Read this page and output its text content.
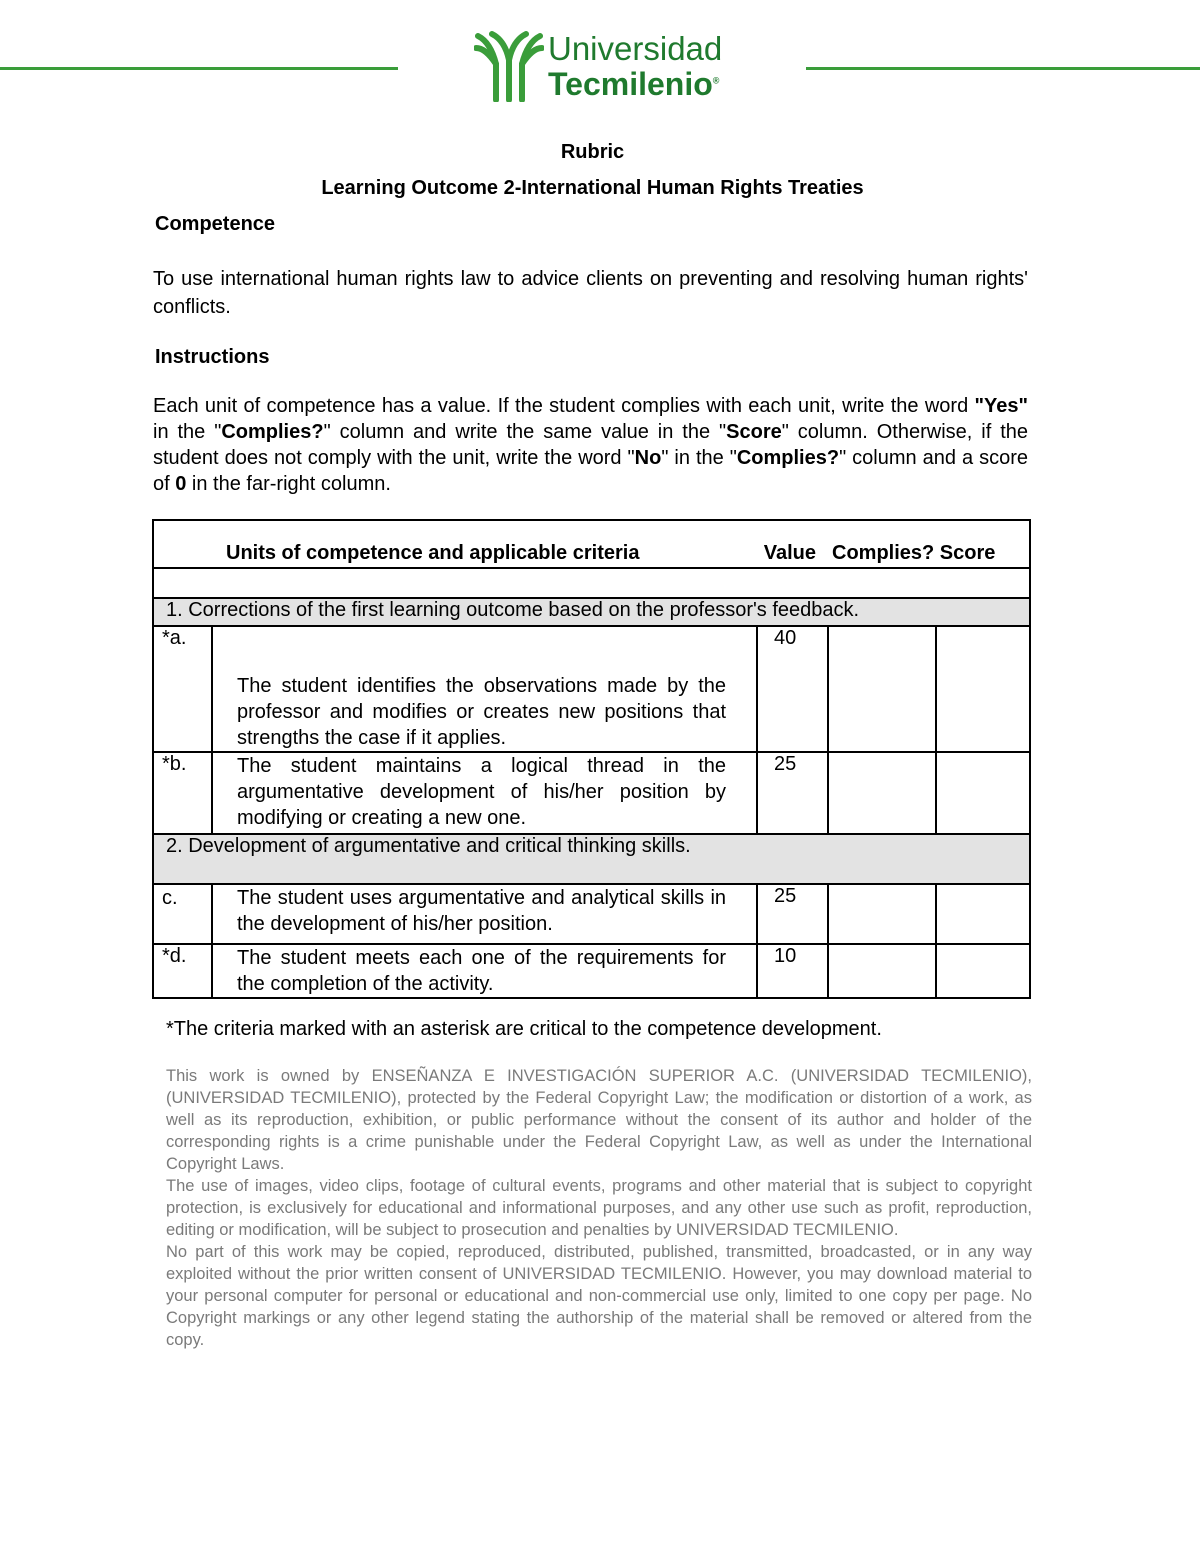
Universidad
Tecmilenio®
Rubric
Learning Outcome 2-International Human Rights Treaties
Competence
To use international human rights law to advice clients on preventing and resolving human rights' conflicts.
Instructions
Each unit of competence has a value. If the student complies with each unit, write the word "Yes" in the "Complies?" column and write the same value in the "Score" column. Otherwise, if the student does not comply with the unit, write the word "No" in the "Complies?" column and a score of 0 in the far-right column.
Units of competence and applicable criteria		Value	Complies? Score	

1. Corrections of the first learning outcome based on the professor's feedback.				
*a.	The student identifies the observations made by the professor and modifies or creates new positions that strengths the case if it applies.	40		
*b.	The student maintains a logical thread in the argumentative development of his/her position by modifying or creating a new one.	25		
2. Development of argumentative and critical thinking skills.				
c.	The student uses argumentative and analytical skills in the development of his/her position.	25		
*d.	The student meets each one of the requirements for the completion of the activity.	10		
*The criteria marked with an asterisk are critical to the competence development.

This work is owned by ENSEÑANZA E INVESTIGACIÓN SUPERIOR A.C. (UNIVERSIDAD TECMILENIO), (UNIVERSIDAD TECMILENIO), protected by the Federal Copyright Law; the modification or distortion of a work, as well as its reproduction, exhibition, or public performance without the consent of its author and holder of the corresponding rights is a crime punishable under the Federal Copyright Law, as well as under the International Copyright Laws.

The use of images, video clips, footage of cultural events, programs and other material that is subject to copyright protection, is exclusively for educational and informational purposes, and any other use such as profit, reproduction, editing or modification, will be subject to prosecution and penalties by UNIVERSIDAD TECMILENIO.

No part of this work may be copied, reproduced, distributed, published, transmitted, broadcasted, or in any way exploited without the prior written consent of UNIVERSIDAD TECMILENIO. However, you may download material to your personal computer for personal or educational and non-commercial use only, limited to one copy per page. No Copyright markings or any other legend stating the authorship of the material shall be removed or altered from the copy.
